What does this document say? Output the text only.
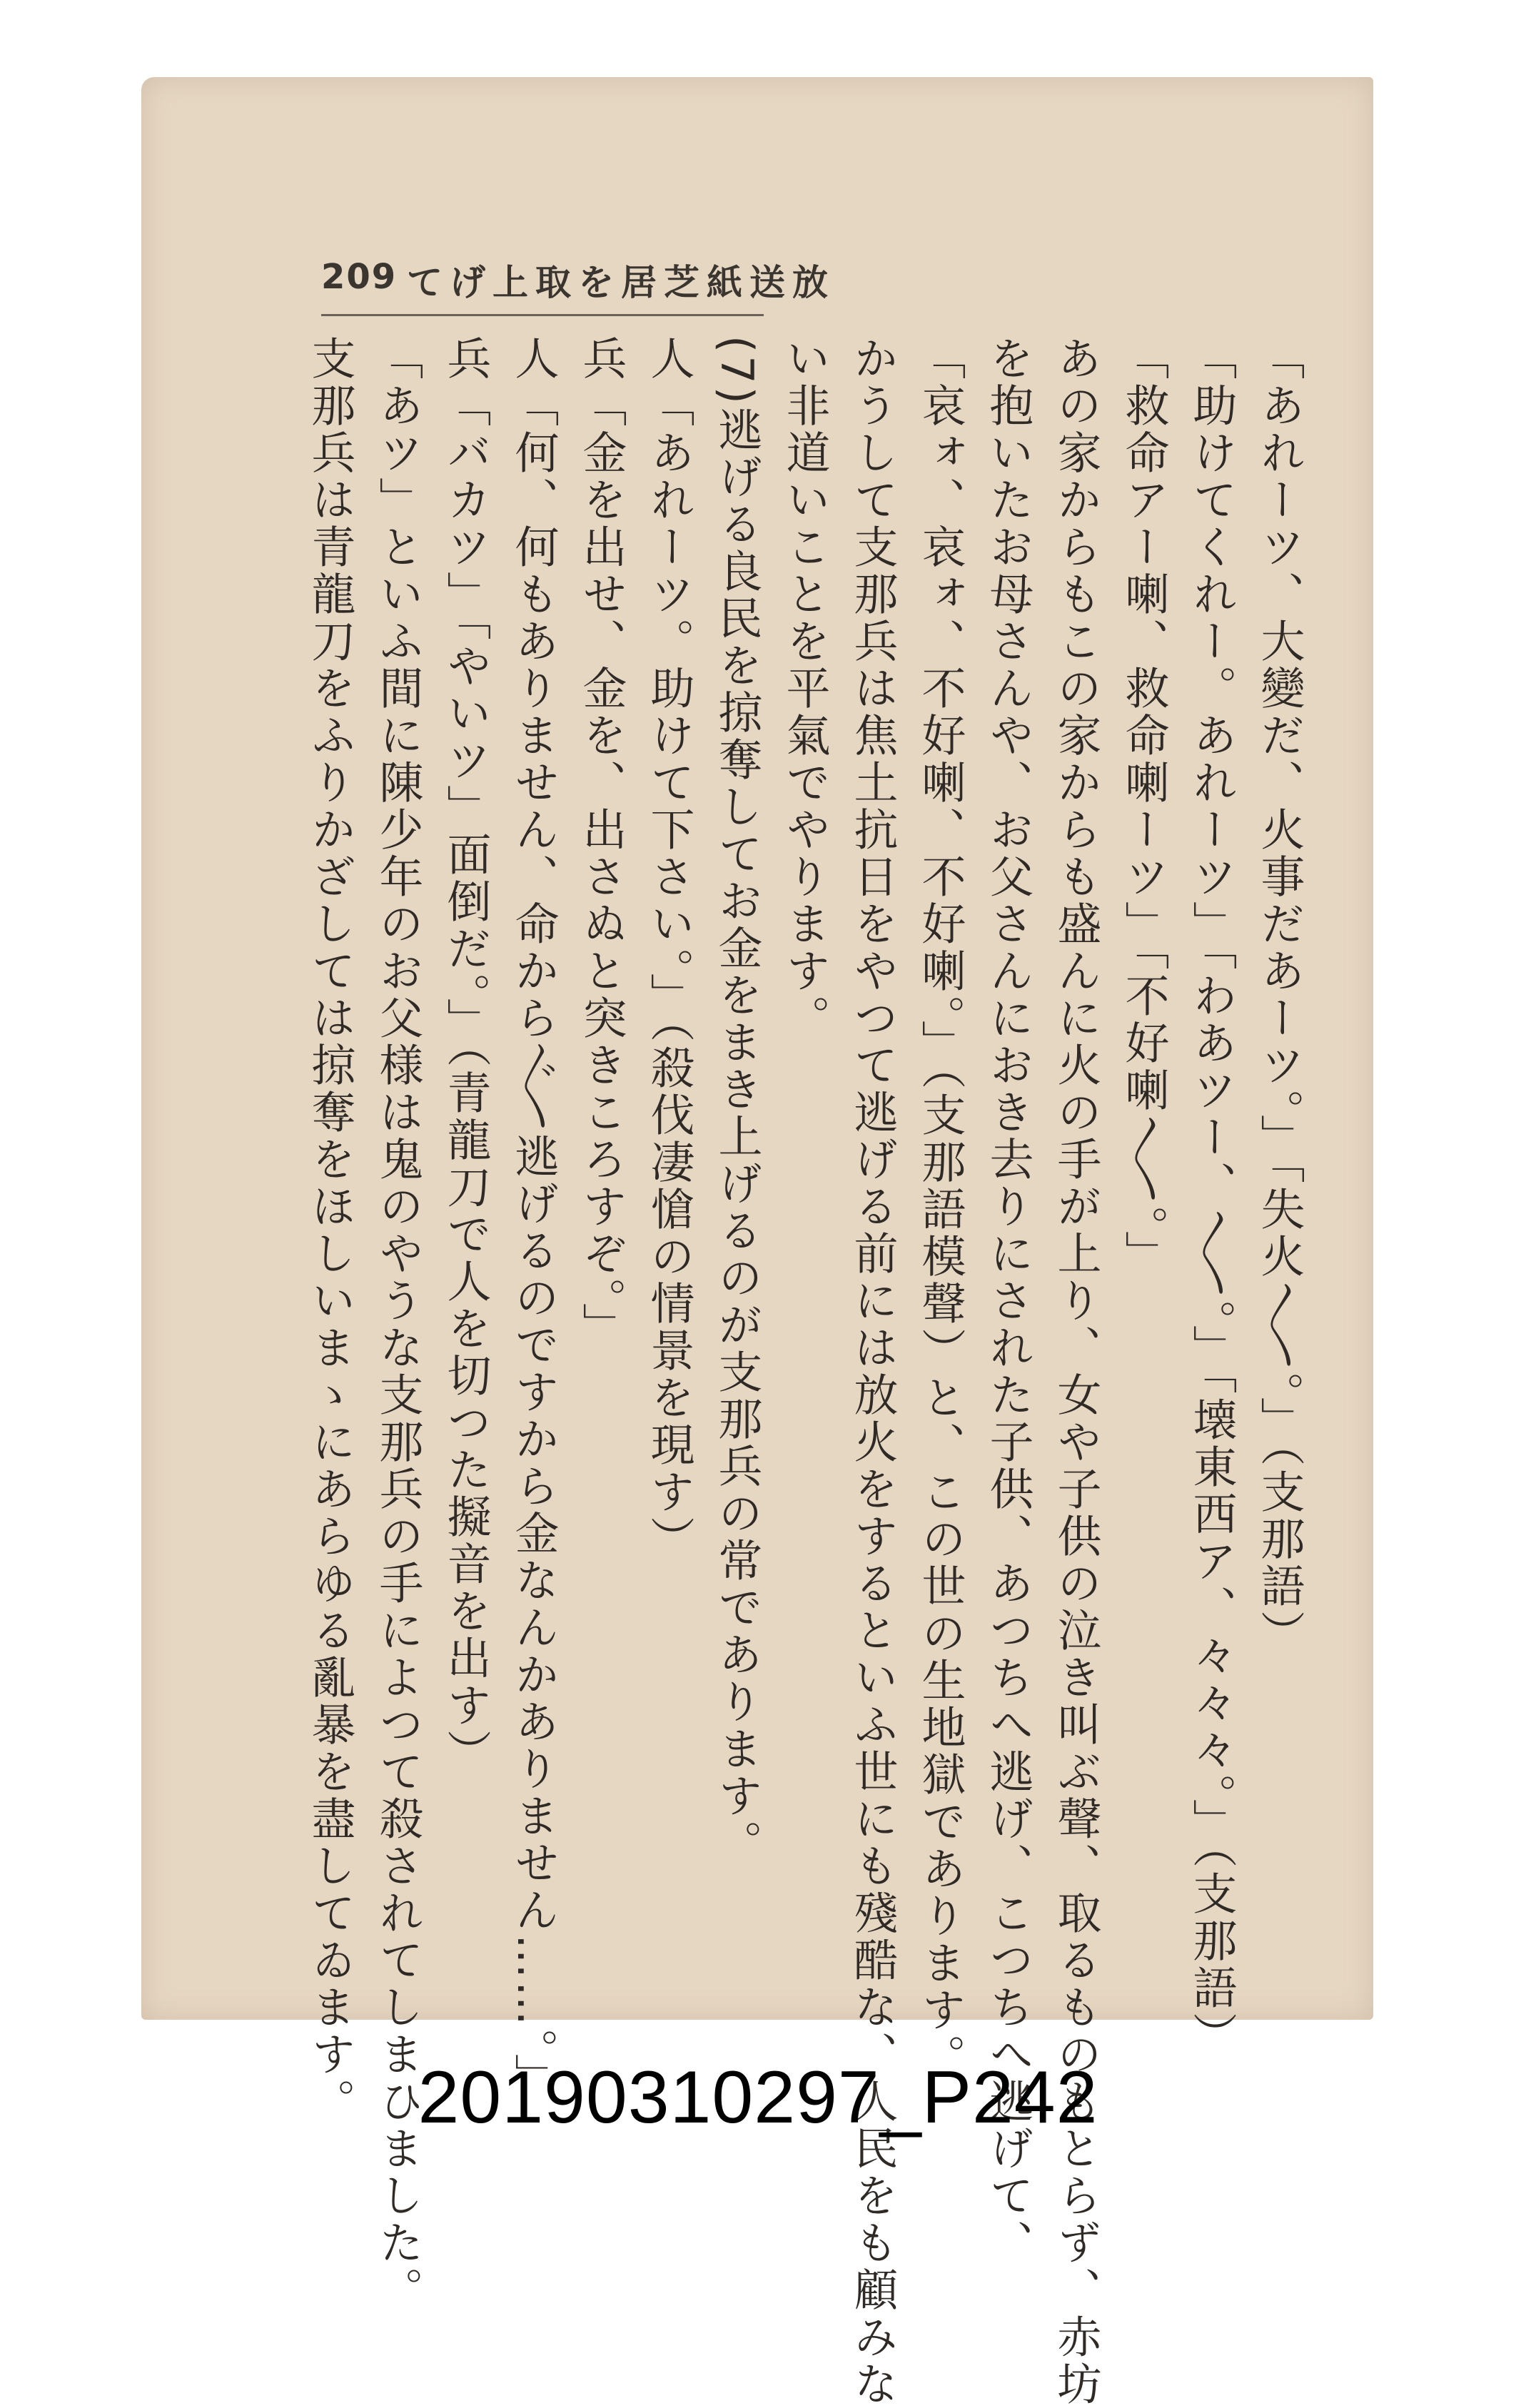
209 てげ上取を居芝紙送放
「あれーツ、大變だ、火事だあーツ。」「失火〱。」（支那語）
「助けてくれー。あれーツ」「わあツー、〱。」「壊東西ア、々々々。」（支那語）
「救命アー喇、救命喇ーツ」「不好喇〱。」
あの家からもこの家からも盛んに火の手が上り、女や子供の泣き叫ぶ聲、取るものもとらず、赤坊
を抱いたお母さんや、お父さんにおき去りにされた子供、あつちへ逃げ、こつちへ逃げて、
「哀ォ、哀ォ、不好喇、不好喇。」（支那語模聲）と、この世の生地獄であります。
かうして支那兵は焦土抗日をやつて逃げる前には放火をするといふ世にも殘酷な、人民をも顧みな
い非道いことを平氣でやります。
(7)逃げる良民を掠奪してお金をまき上げるのが支那兵の常であります。
人「あれーツ。助けて下さい。」（殺伐凄愴の情景を現す）
兵「金を出せ、金を、出さぬと突きころすぞ。」
人「何、何もありません、命から〲逃げるのですから金なんかありません……。」
兵「バカツ」「やいツ」面倒だ。」（青龍刀で人を切つた擬音を出す）
「あツ」といふ間に陳少年のお父様は鬼のやうな支那兵の手によつて殺されてしまひました。
支那兵は青龍刀をふりかざしては掠奪をほしいまゝにあらゆる亂暴を盡してゐます。 20190310297_P242
